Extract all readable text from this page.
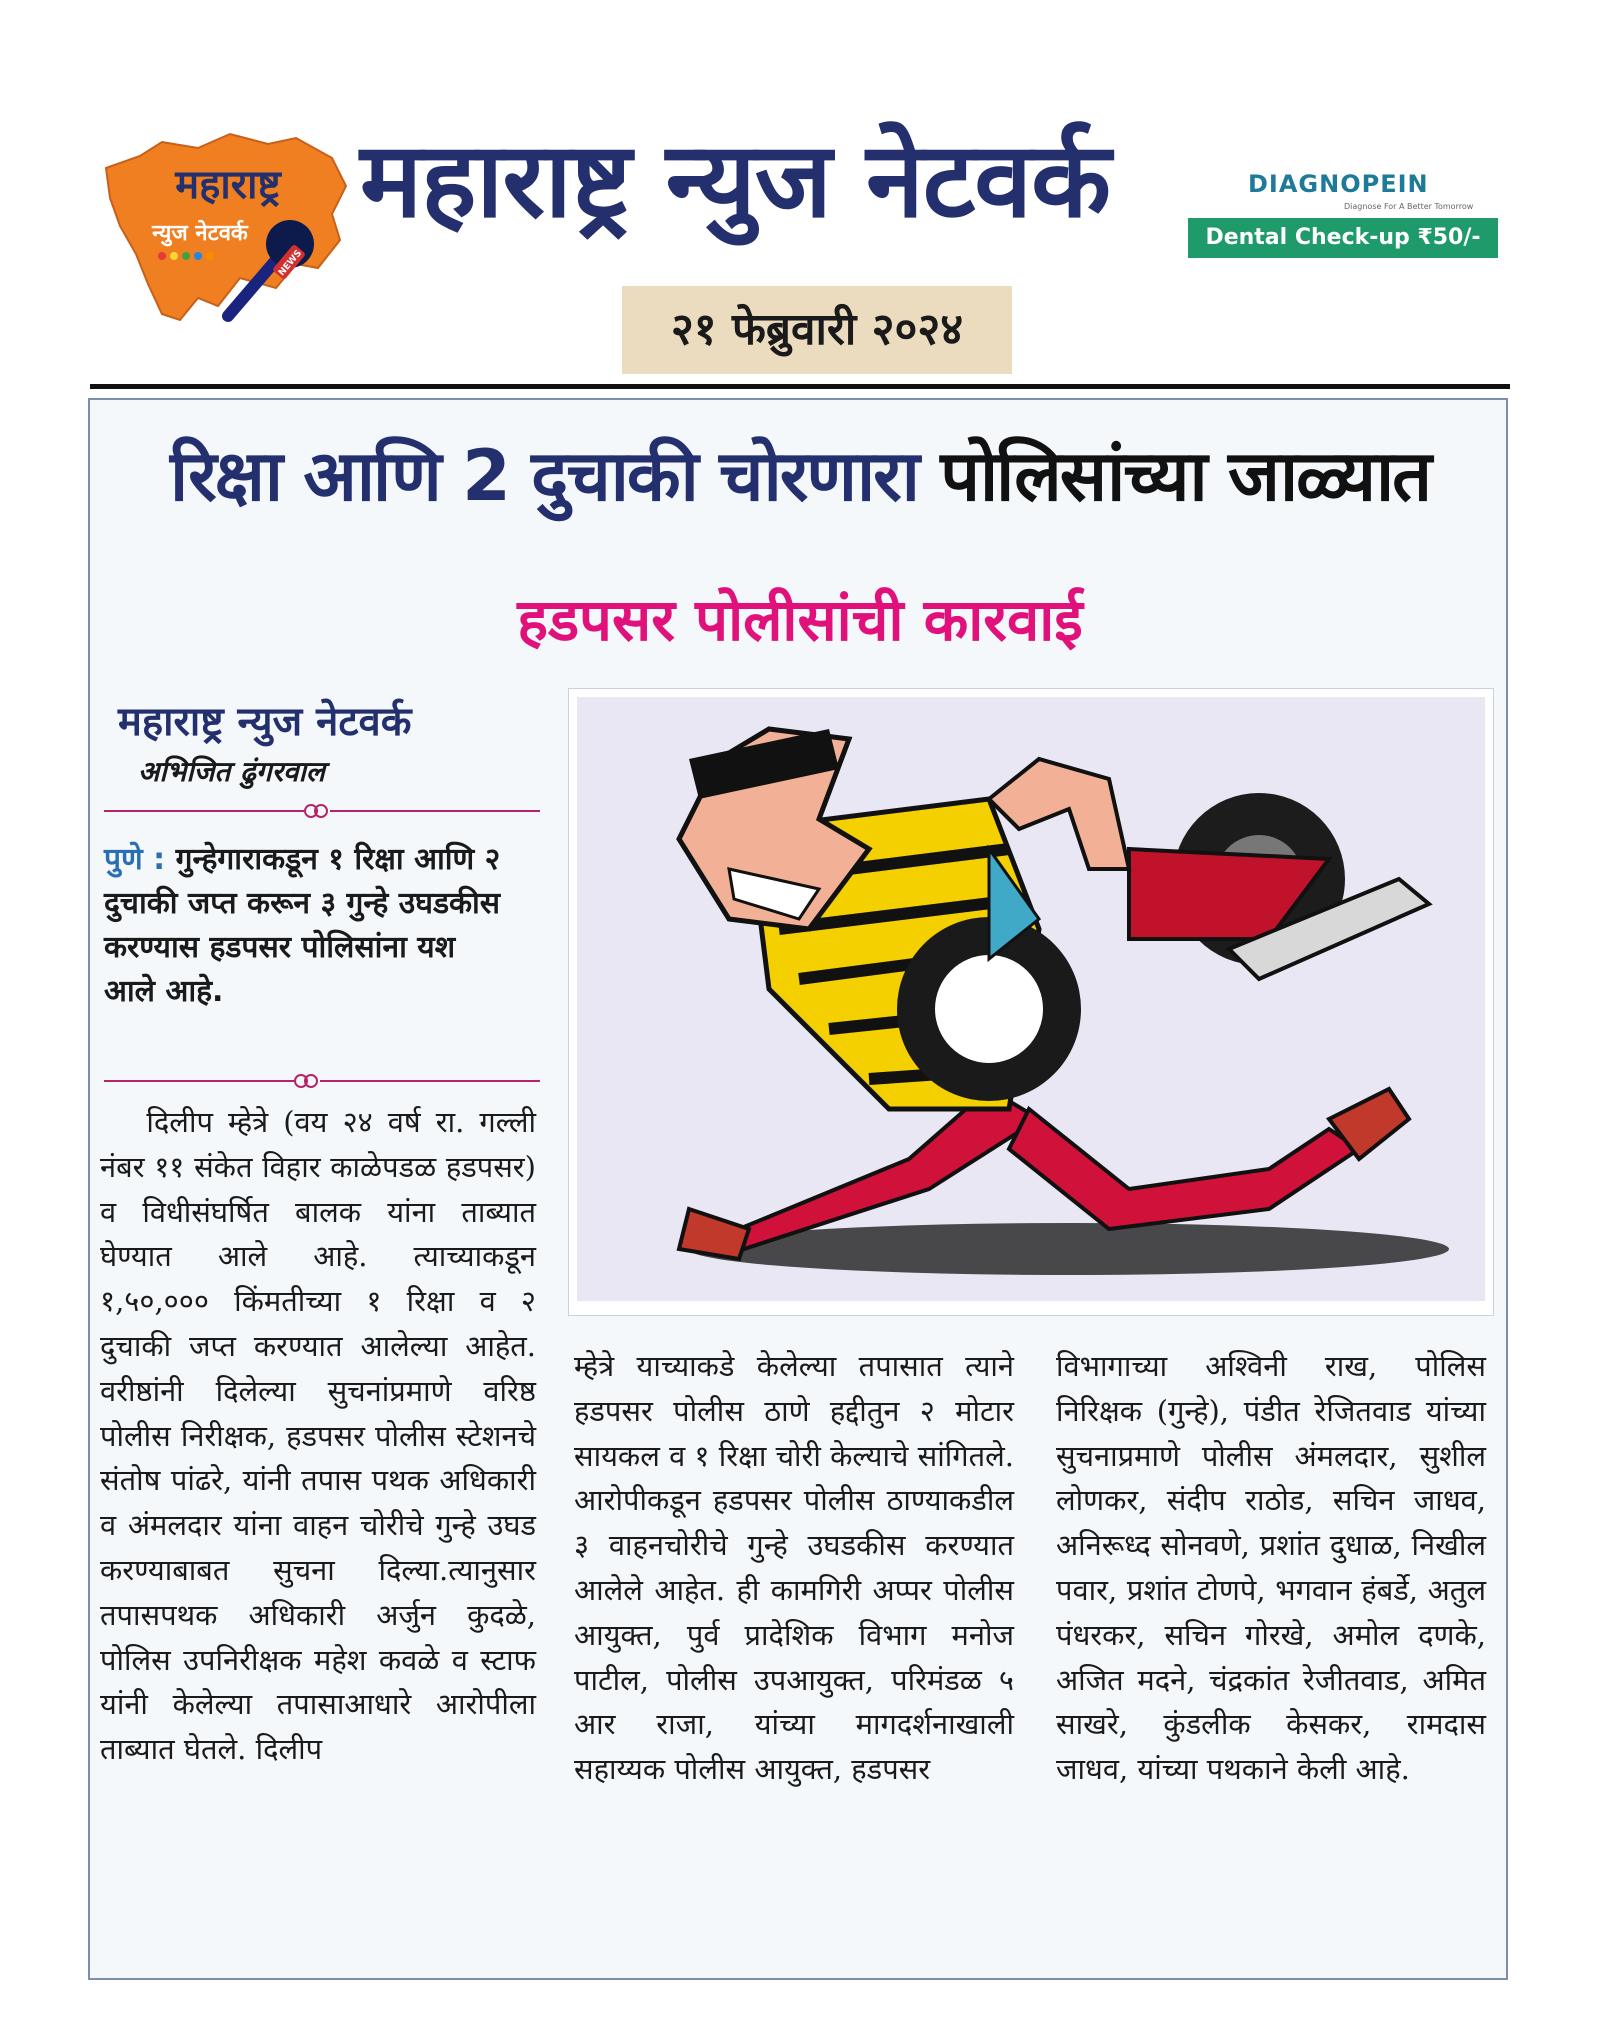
महाराष्ट्र
न्युज नेटवर्क
NEWS
महाराष्ट्र न्युज नेटवर्क	DIAGNOPEIN
Diagnose For A Better Tomorrow
Dental Check-up ₹50/-
२१ फेब्रुवारी २०२४
रिक्षा आणि 2 दुचाकी चोरणारा पोलिसांच्या जाळ्यात
हडपसर पोलीसांची कारवाई
महाराष्ट्र न्युज नेटवर्क
अभिजित ढुंगरवाल
पुणे : गुन्हेगाराकडून १ रिक्षा आणि २ दुचाकी जप्त करून ३ गुन्हे उघडकीस करण्यास हडपसर पोलिसांना यश आले आहे.
दिलीप म्हेत्रे (वय २४ वर्ष रा. गल्ली नंबर ११ संकेत विहार काळेपडळ हडपसर) व विधीसंघर्षित बालक यांना ताब्यात घेण्यात आले आहे. त्याच्याकडून १,५०,००० किंमतीच्या १ रिक्षा व २ दुचाकी जप्त करण्यात आलेल्या आहेत. वरीष्ठांनी दिलेल्या सुचनांप्रमाणे वरिष्ठ पोलीस निरीक्षक, हडपसर पोलीस स्टेशनचे संतोष पांढरे, यांनी तपास पथक अधिकारी व अंमलदार यांना वाहन चोरीचे गुन्हे उघड करण्याबाबत सुचना दिल्या.त्यानुसार तपासपथक अधिकारी अर्जुन कुदळे, पोलिस उपनिरीक्षक महेश कवळे व स्टाफ यांनी केलेल्या तपासाआधारे आरोपीला ताब्यात घेतले. दिलीप
म्हेत्रे याच्याकडे केलेल्या तपासात त्याने हडपसर पोलीस ठाणे हद्दीतुन २ मोटार सायकल व १ रिक्षा चोरी केल्याचे सांगितले. आरोपीकडून हडपसर पोलीस ठाण्याकडील ३ वाहनचोरीचे गुन्हे उघडकीस करण्यात आलेले आहेत. ही कामगिरी अप्पर पोलीस आयुक्त, पुर्व प्रादेशिक विभाग मनोज पाटील, पोलीस उपआयुक्त, परिमंडळ ५ आर राजा, यांच्या मागदर्शनाखाली सहाय्यक पोलीस आयुक्त, हडपसर
विभागाच्या अश्विनी राख, पोलिस निरिक्षक (गुन्हे), पंडीत रेजितवाड यांच्या सुचनाप्रमाणे पोलीस अंमलदार, सुशील लोणकर, संदीप राठोड, सचिन जाधव, अनिरूध्द सोनवणे, प्रशांत दुधाळ, निखील पवार, प्रशांत टोणपे, भगवान हंबर्डे, अतुल पंधरकर, सचिन गोरखे, अमोल दणके, अजित मदने, चंद्रकांत रेजीतवाड, अमित साखरे, कुंडलीक केसकर, रामदास जाधव, यांच्या पथकाने केली आहे.
